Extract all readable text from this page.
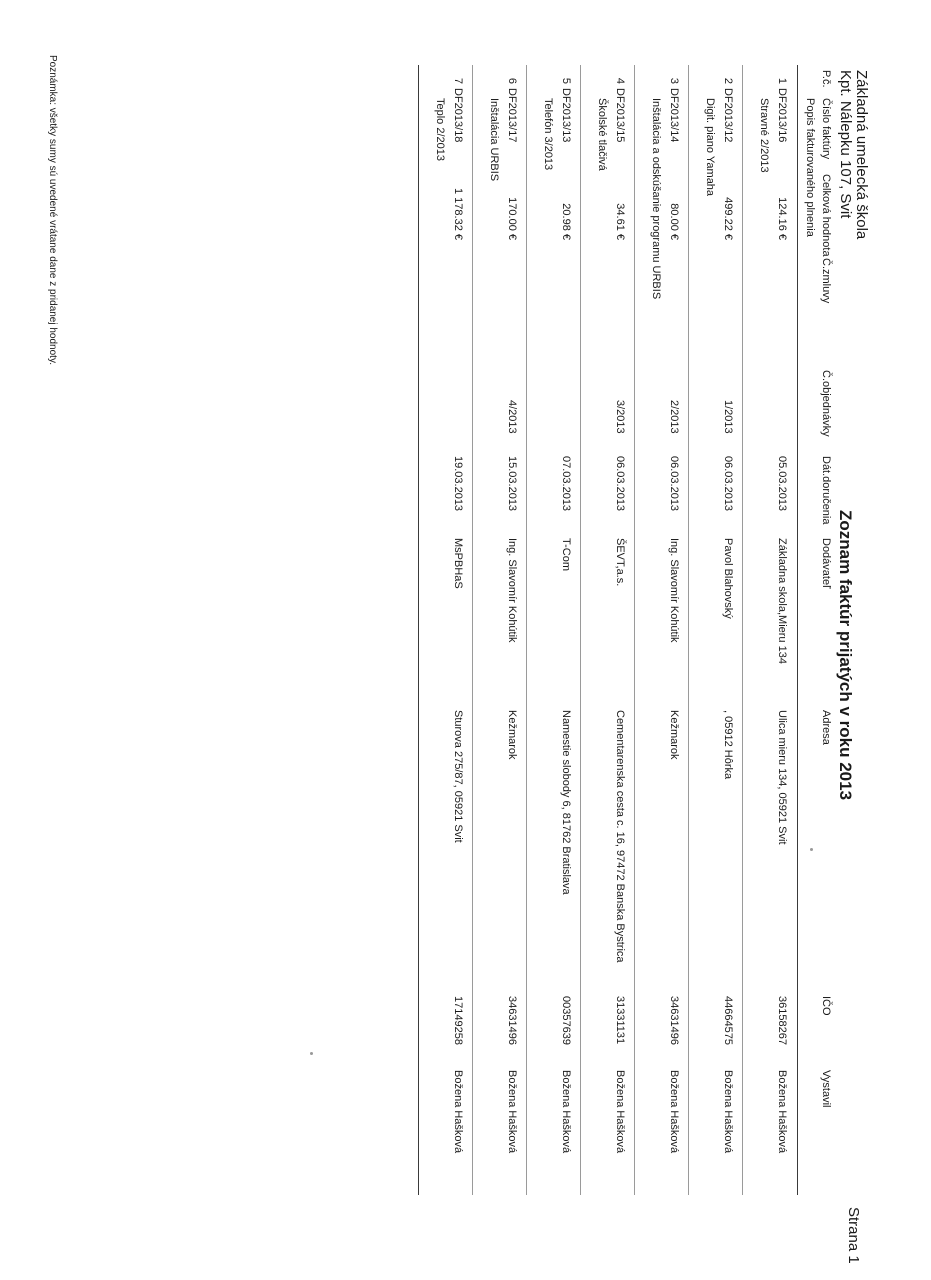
Základná umelecká škola
Kpt. Nálepku 107, Svit
Zoznam faktúr prijatých v roku 2013
Strana 1
P.č.
Číslo faktúry
Celková hodnota
Č.zmluvy
Č.objednávky
Dát.doručenia
Dodávateľ
Adresa
IČO
Vystavil
Popis fakturovaného plnenia
1
DF2013/16
124.16 €
05.03.2013
Základna skola,Mieru 134
Ulica mieru 134, 05921 Svit
36158267
Božena Hašková
Stravné 2/2013
2
DF2013/12
499.22 €
1/2013
06.03.2013
Pavol Blahovský
, 05912 Hôrka
44664575
Božena Hašková
Digit. piano Yamaha
3
DF2013/14
80.00 €
2/2013
06.03.2013
Ing. Slavomír Kohútik
Kežmarok
34631496
Božena Hašková
Inštalácia a odskúšanie programu URBIS
4
DF2013/15
34.61 €
3/2013
06.03.2013
ŠEVT,a.s.
Cementarenska cesta c. 16, 97472 Banska Bystrica
31331131
Božena Hašková
Školské tlačivá
5
DF2013/13
20.98 €
07.03.2013
T-Com
Namestie slobody 6, 81762 Bratislava
00357639
Božena Hašková
Telefón 3/2013
6
DF2013/17
170.00 €
4/2013
15.03.2013
Ing. Slavomír Kohútik
Kežmarok
34631496
Božena Hašková
Inštalácia URBIS
7
DF2013/18
1 178.32 €
19.03.2013
MsPBHaS
Sturova 275/87, 05921 Svit
17149258
Božena Hašková
Teplo 2/2013
Poznámka: všetky sumy sú uvedené vrátane dane z pridanej hodnoty.
